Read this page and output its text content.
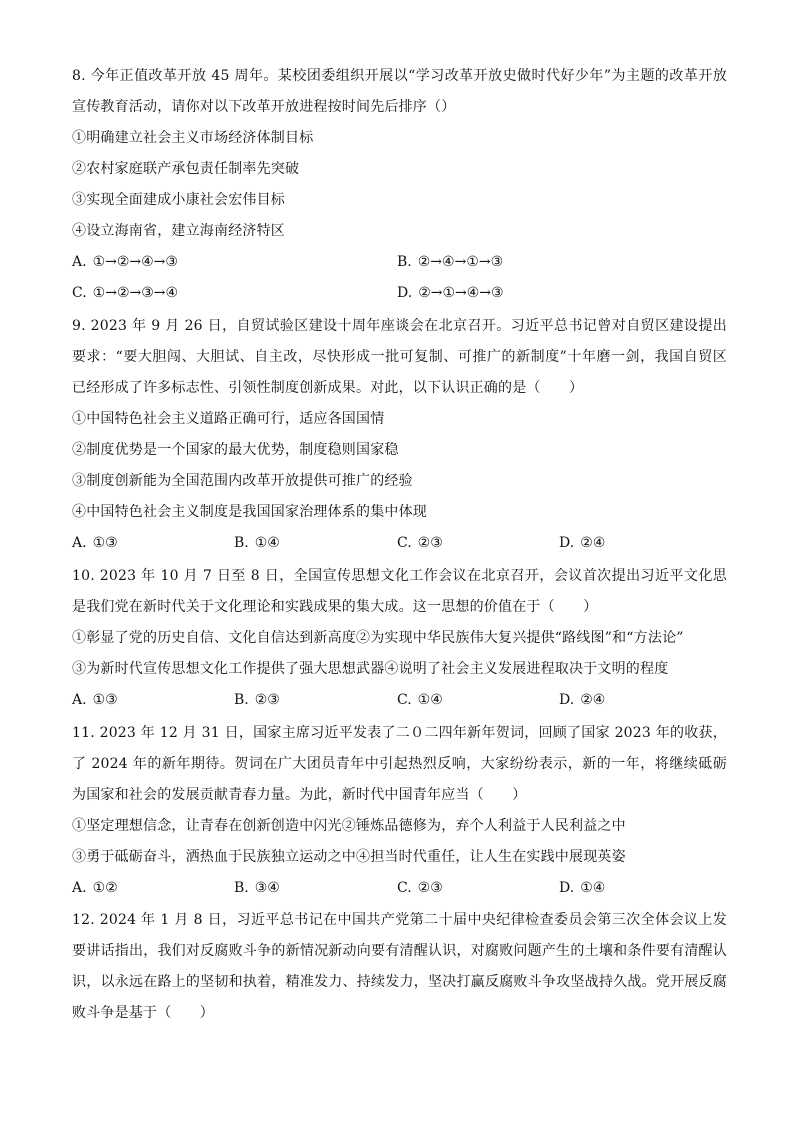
8. 今年正值改革开放 45 周年。某校团委组织开展以“学习改革开放史做时代好少年”为主题的改革开放
宣传教育活动，请你对以下改革开放进程按时间先后排序（）
①明确建立社会主义市场经济体制目标
②农村家庭联产承包责任制率先突破
③实现全面建成小康社会宏伟目标
④设立海南省，建立海南经济特区
A. ①→②→④→③	B. ②→④→①→③
C. ①→②→③→④	D. ②→①→④→③
9. 2023 年 9 月 26 日，自贸试验区建设十周年座谈会在北京召开。习近平总书记曾对自贸区建设提出
要求：“要大胆闯、大胆试、自主改，尽快形成一批可复制、可推广的新制度”十年磨一剑，我国自贸区
已经形成了许多标志性、引领性制度创新成果。对此，以下认识正确的是（　　）
①中国特色社会主义道路正确可行，适应各国国情
②制度优势是一个国家的最大优势，制度稳则国家稳
③制度创新能为全国范围内改革开放提供可推广的经验
④中国特色社会主义制度是我国国家治理体系的集中体现
A. ①③	B. ①④	C. ②③	D. ②④
10. 2023 年 10 月 7 日至 8 日，全国宣传思想文化工作会议在北京召开，会议首次提出习近平文化思
是我们党在新时代关于文化理论和实践成果的集大成。这一思想的价值在于（　　）
①彰显了党的历史自信、文化自信达到新高度②为实现中华民族伟大复兴提供“路线图”和“方法论”
③为新时代宣传思想文化工作提供了强大思想武器④说明了社会主义发展进程取决于文明的程度
A. ①③	B. ②③	C. ①④	D. ②④
11. 2023 年 12 月 31 日，国家主席习近平发表了二０二四年新年贺词，回顾了国家 2023 年的收获，
了 2024 年的新年期待。贺词在广大团员青年中引起热烈反响，大家纷纷表示，新的一年，将继续砥砺
为国家和社会的发展贡献青春力量。为此，新时代中国青年应当（　　）
①坚定理想信念，让青春在创新创造中闪光②锤炼品德修为，弃个人利益于人民利益之中
③勇于砥砺奋斗，洒热血于民族独立运动之中④担当时代重任，让人生在实践中展现英姿
A. ①②	B. ③④	C. ②③	D. ①④
12. 2024 年 1 月 8 日，习近平总书记在中国共产党第二十届中央纪律检查委员会第三次全体会议上发
要讲话指出，我们对反腐败斗争的新情况新动向要有清醒认识，对腐败问题产生的土壤和条件要有清醒认
识，以永远在路上的坚韧和执着，精准发力、持续发力，坚决打赢反腐败斗争攻坚战持久战。党开展反腐
败斗争是基于（　　）
